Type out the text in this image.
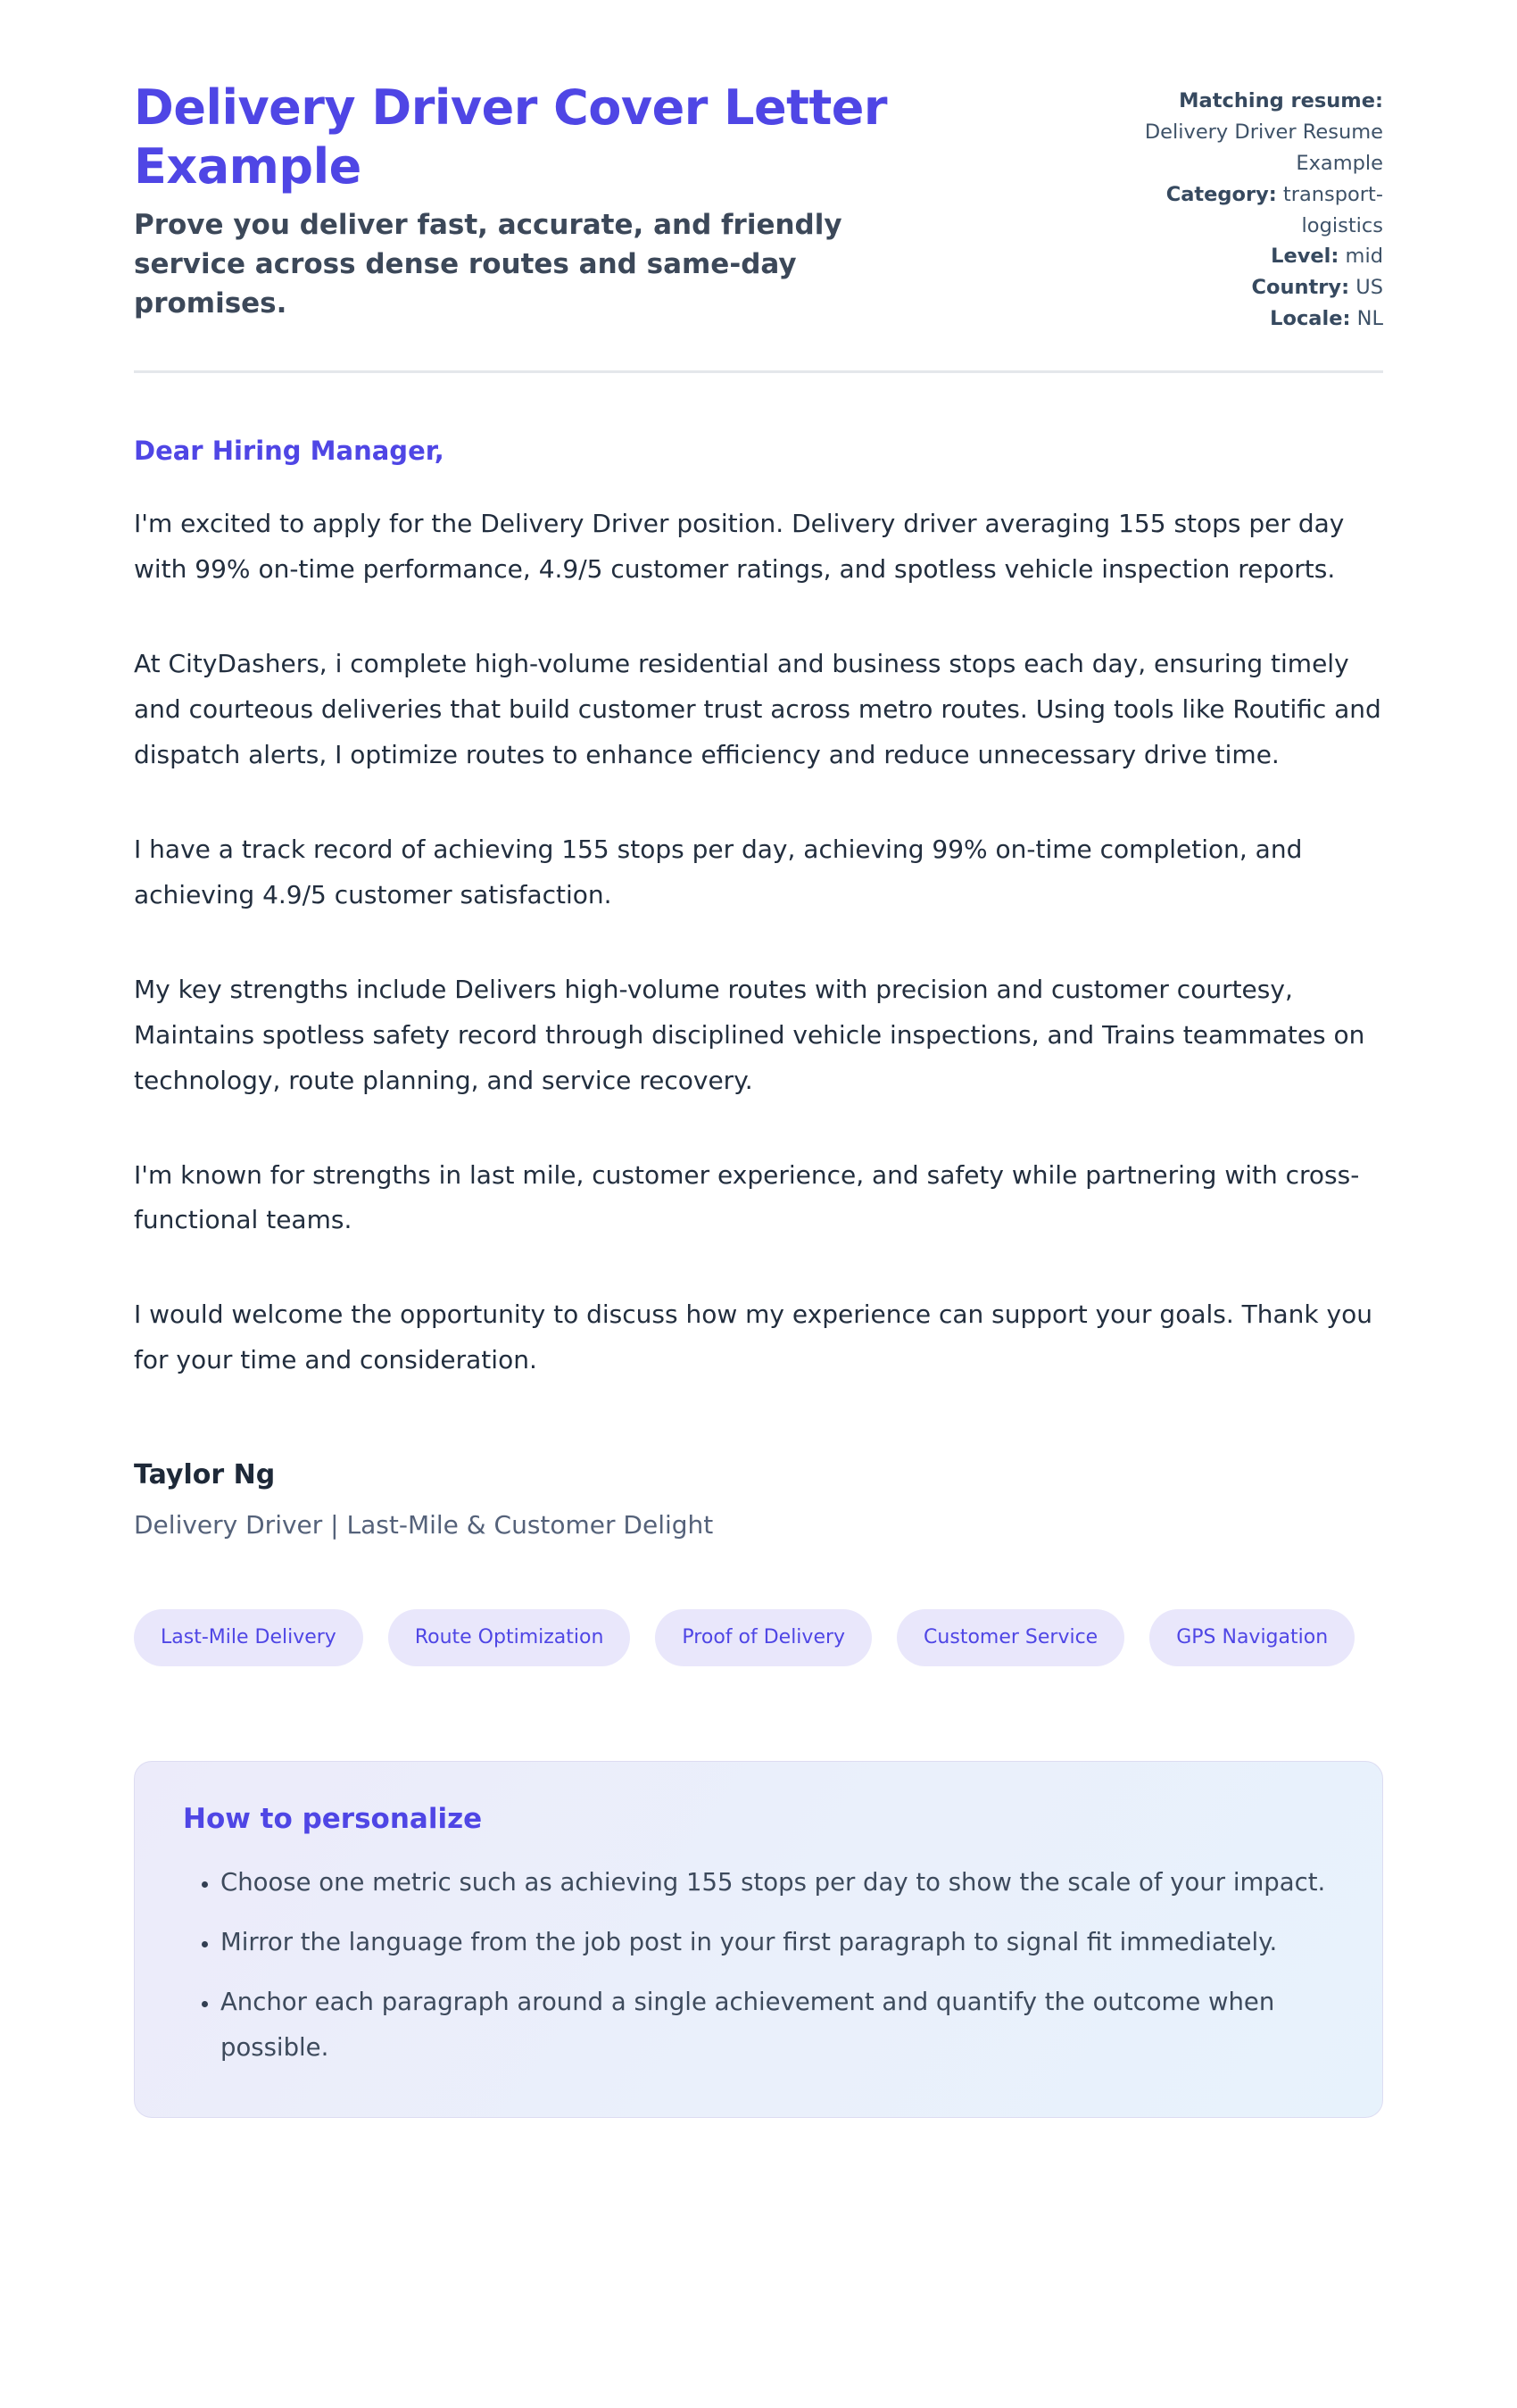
Delivery Driver Cover Letter Example
Prove you deliver fast, accurate, and friendly service across dense routes and same-day promises.
Matching resume: Delivery Driver Resume Example
Category: transport-logistics
Level: mid
Country: US
Locale: NL
Dear Hiring Manager,

I'm excited to apply for the Delivery Driver position. Delivery driver averaging 155 stops per day with 99% on-time performance, 4.9/5 customer ratings, and spotless vehicle inspection reports.

At CityDashers, i complete high-volume residential and business stops each day, ensuring timely and courteous deliveries that build customer trust across metro routes. Using tools like Routific and dispatch alerts, I optimize routes to enhance efficiency and reduce unnecessary drive time.

I have a track record of achieving 155 stops per day, achieving 99% on-time completion, and achieving 4.9/5 customer satisfaction.

My key strengths include Delivers high-volume routes with precision and customer courtesy, Maintains spotless safety record through disciplined vehicle inspections, and Trains teammates on technology, route planning, and service recovery.

I'm known for strengths in last mile, customer experience, and safety while partnering with cross-functional teams.

I would welcome the opportunity to discuss how my experience can support your goals. Thank you for your time and consideration.

Taylor Ng
Delivery Driver | Last-Mile & Customer Delight
Last-Mile Delivery	Route Optimization	Proof of Delivery	Customer Service	GPS Navigation
How to personalize
• Choose one metric such as achieving 155 stops per day to show the scale of your impact.
• Mirror the language from the job post in your first paragraph to signal fit immediately.
• Anchor each paragraph around a single achievement and quantify the outcome when possible.
